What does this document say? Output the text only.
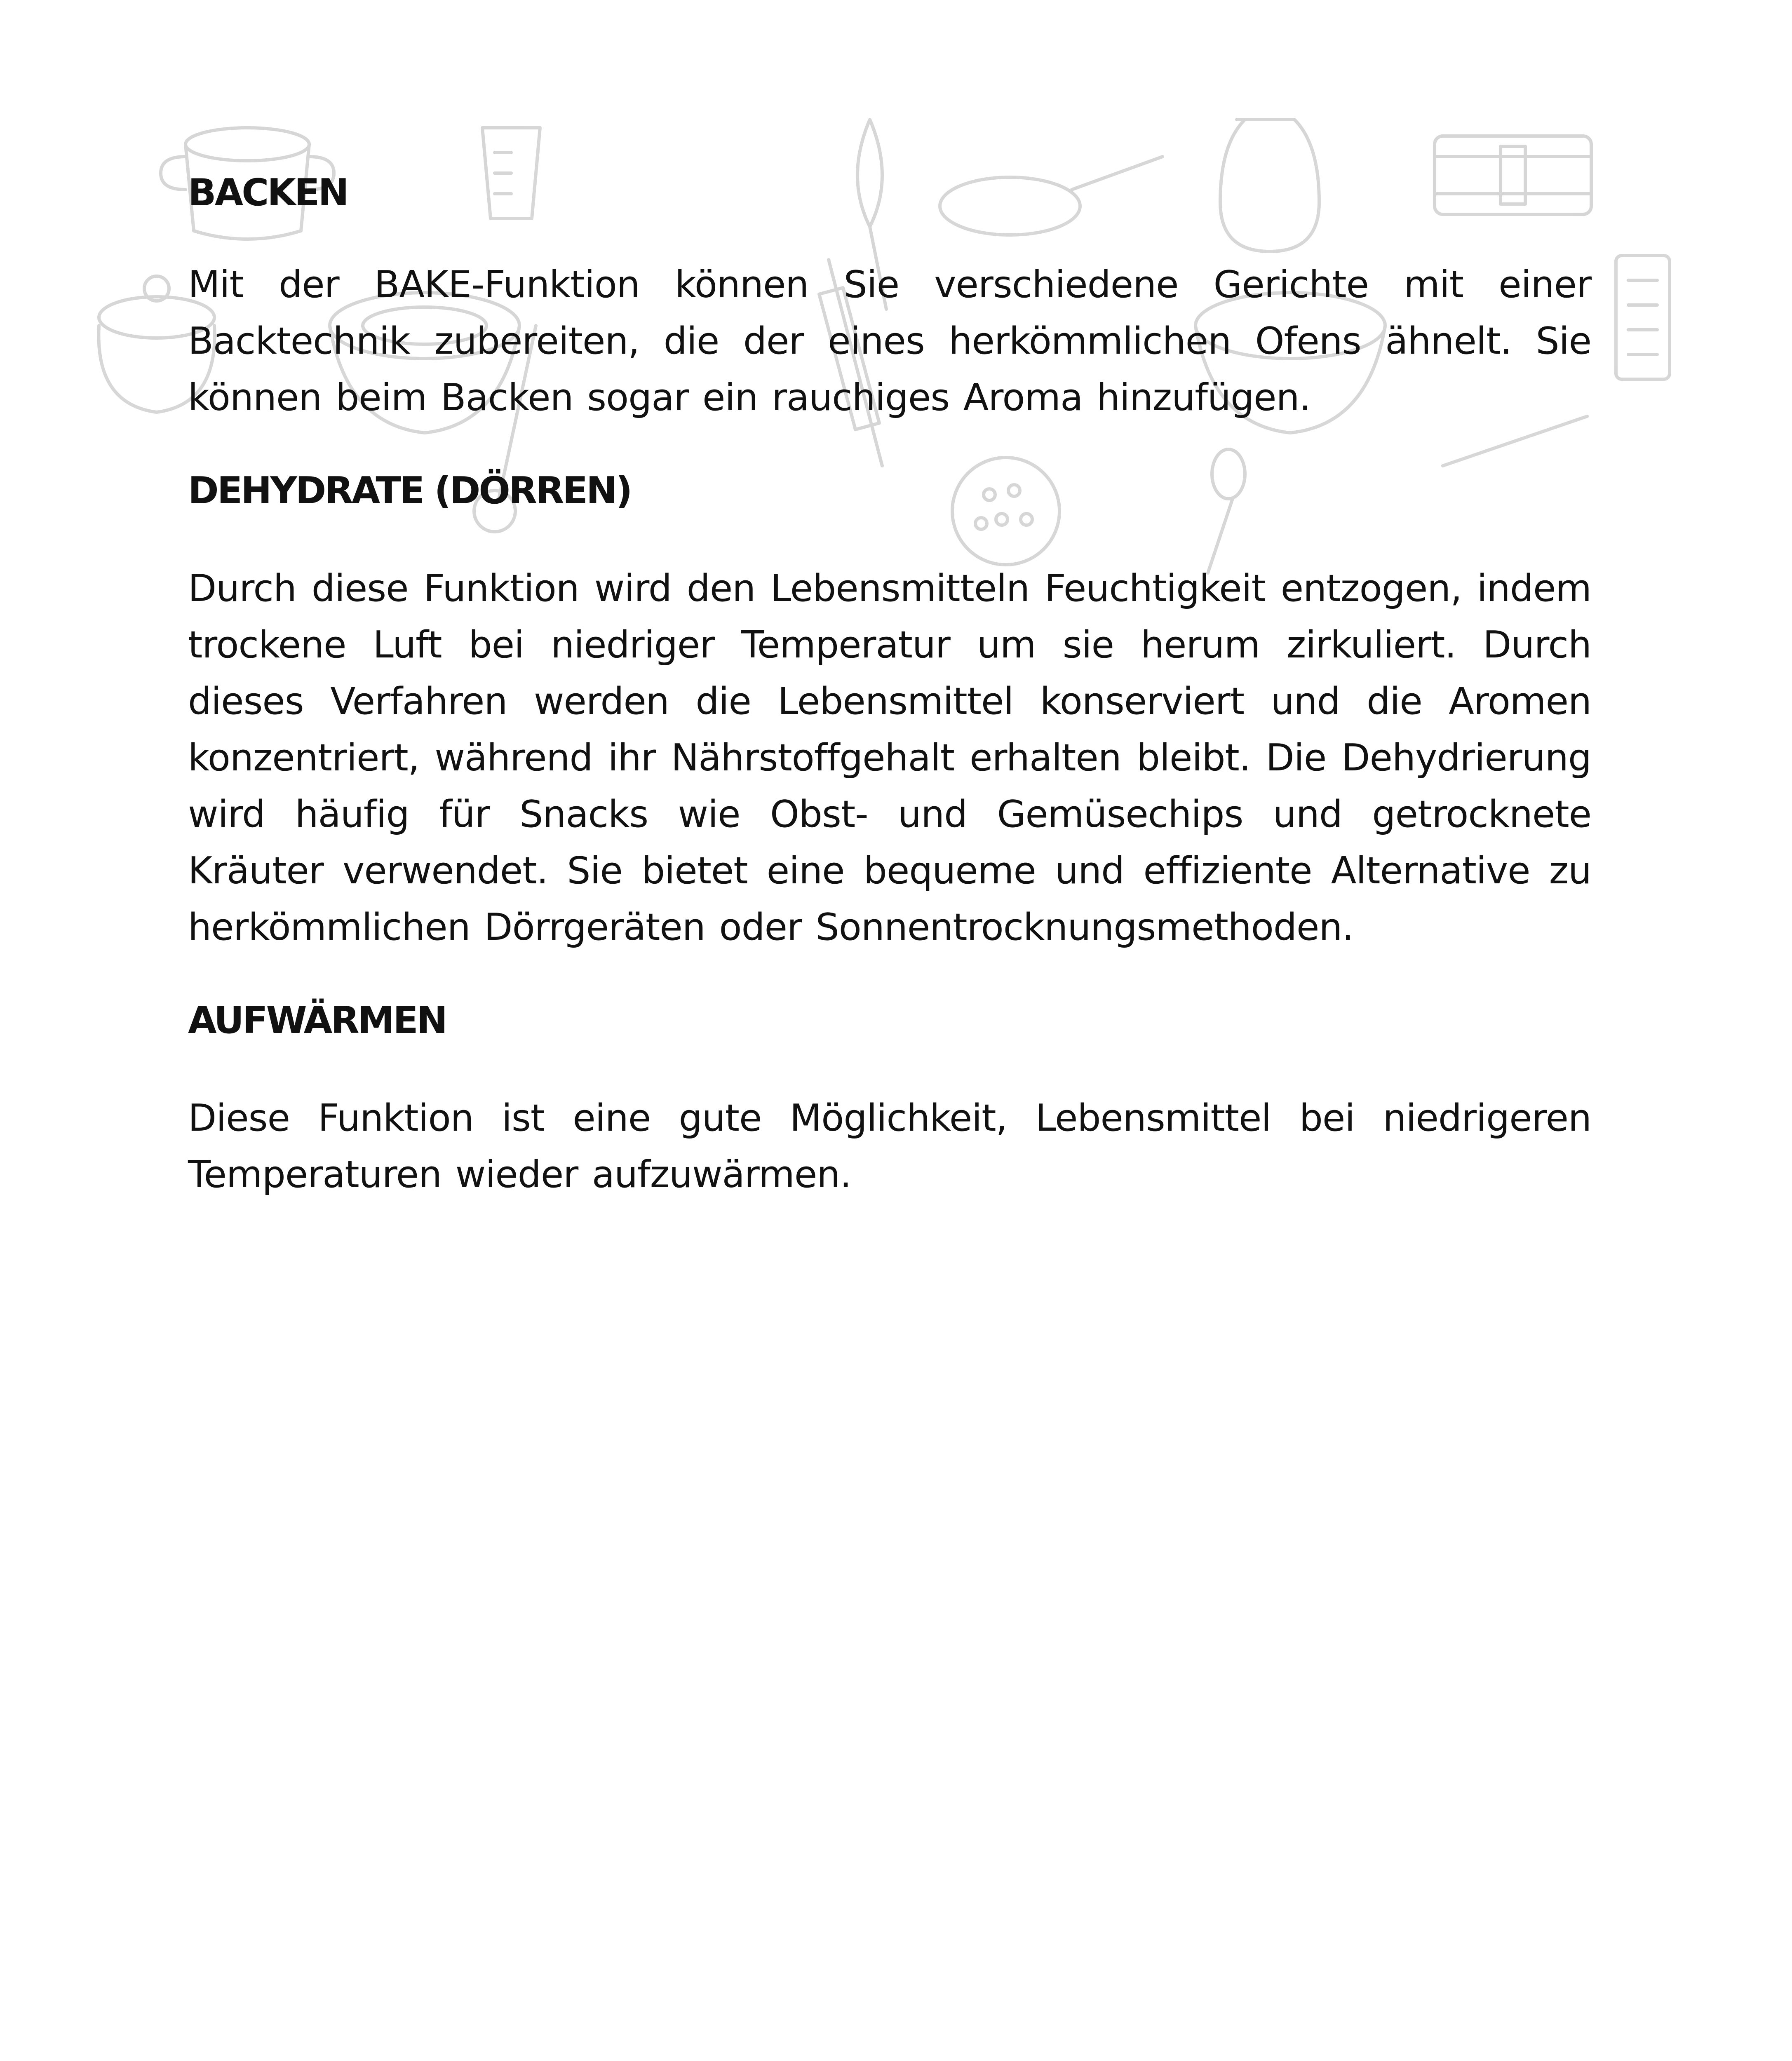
BACKEN

Mit der BAKE-Funktion können Sie verschiedene Gerichte mit einer Backtechnik zubereiten, die der eines herkömmlichen Ofens ähnelt. Sie können beim Backen sogar ein rauchiges Aroma hinzufügen.

DEHYDRATE (DÖRREN)

Durch diese Funktion wird den Lebensmitteln Feuchtigkeit entzogen, indem trockene Luft bei niedriger Temperatur um sie herum zirkuliert. Durch dieses Verfahren werden die Lebensmittel konserviert und die Aromen konzentriert, während ihr Nährstoffgehalt erhalten bleibt. Die Dehydrierung wird häufig für Snacks wie Obst- und Gemüsechips und getrocknete Kräuter verwendet. Sie bietet eine bequeme und effiziente Alternative zu herkömmlichen Dörrgeräten oder Sonnentrocknungsmethoden.

AUFWÄRMEN

Diese Funktion ist eine gute Möglichkeit, Lebensmittel bei niedrigeren Temperaturen wieder aufzuwärmen.
